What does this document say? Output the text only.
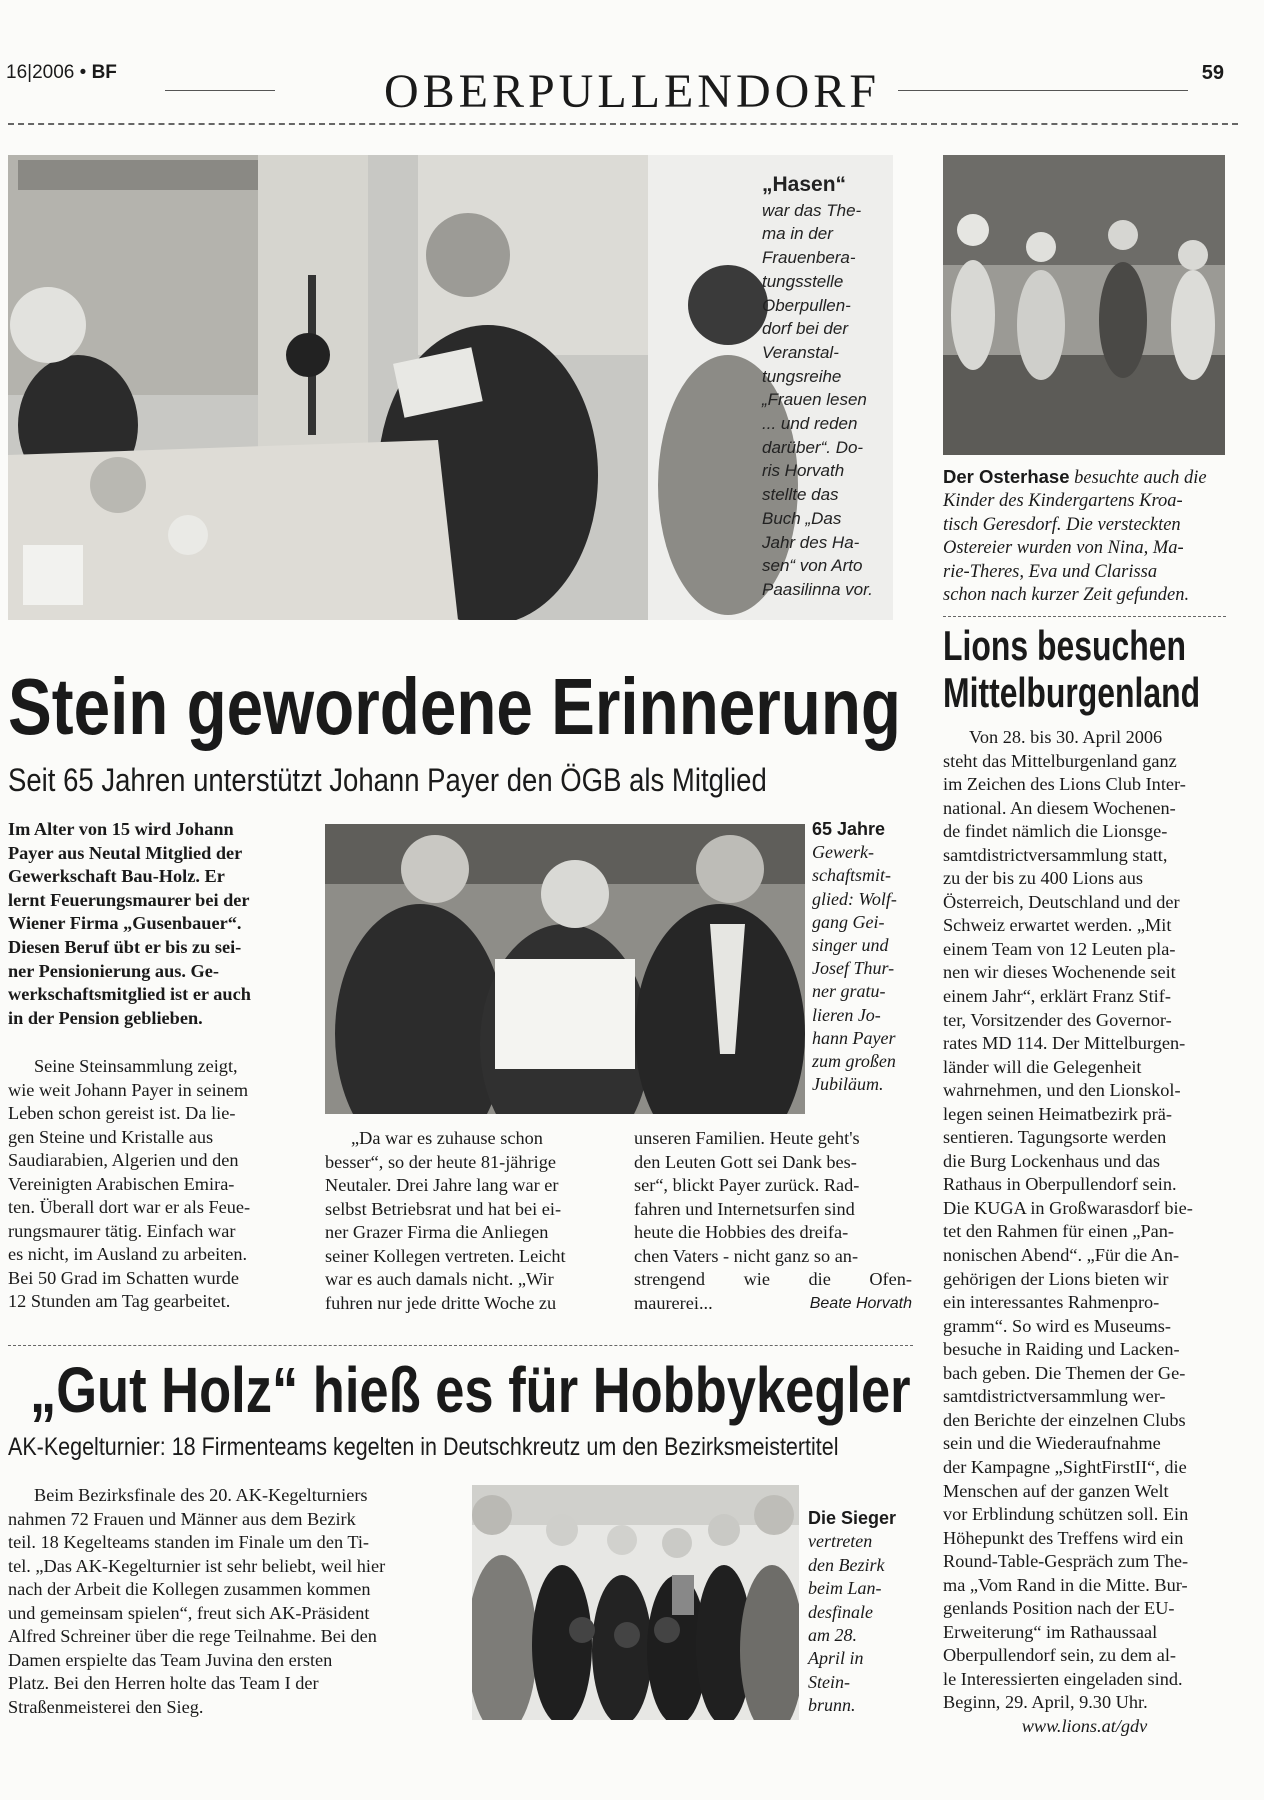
16|2006 • BF	OBERPULLENDORF	59
„Hasen“
war das The-
ma in der
Frauenbera-
tungsstelle
Oberpullen-
dorf bei der
Veranstal-
tungsreihe
„Frauen lesen
... und reden
darüber“. Do-
ris Horvath
stellte das
Buch „Das
Jahr des Ha-
sen“ von Arto
Paasilinna vor.
Der Osterhase besuchte auch die
Kinder des Kindergartens Kroa-
tisch Geresdorf. Die versteckten
Ostereier wurden von Nina, Ma-
rie-Theres, Eva und Clarissa
schon nach kurzer Zeit gefunden.
Stein gewordene Erinnerung
Seit 65 Jahren unterstützt Johann Payer den ÖGB als Mitglied
Im Alter von 15 wird Johann
Payer aus Neutal Mitglied der
Gewerkschaft Bau-Holz. Er
lernt Feuerungsmaurer bei der
Wiener Firma „Gusenbauer“.
Diesen Beruf übt er bis zu sei-
ner Pensionierung aus. Ge-
werkschaftsmitglied ist er auch
in der Pension geblieben.
Seine Steinsammlung zeigt,
wie weit Johann Payer in seinem
Leben schon gereist ist. Da lie-
gen Steine und Kristalle aus
Saudiarabien, Algerien und den
Vereinigten Arabischen Emira-
ten. Überall dort war er als Feue-
rungsmaurer tätig. Einfach war
es nicht, im Ausland zu arbeiten.
Bei 50 Grad im Schatten wurde
12 Stunden am Tag gearbeitet.
65 Jahre
Gewerk-
schaftsmit-
glied: Wolf-
gang Gei-
singer und
Josef Thur-
ner gratu-
lieren Jo-
hann Payer
zum großen
Jubiläum.
„Da war es zuhause schon
besser“, so der heute 81-jährige
Neutaler. Drei Jahre lang war er
selbst Betriebsrat und hat bei ei-
ner Grazer Firma die Anliegen
seiner Kollegen vertreten. Leicht
war es auch damals nicht. „Wir
fuhren nur jede dritte Woche zu
unseren Familien. Heute geht's
den Leuten Gott sei Dank bes-
ser“, blickt Payer zurück. Rad-
fahren und Internetsurfen sind
heute die Hobbies des dreifa-
chen Vaters - nicht ganz so an-
strengend wie die Ofen-
maurerei...	Beate Horvath
„Gut Holz“ hieß es für Hobbykegler
AK-Kegelturnier: 18 Firmenteams kegelten in Deutschkreutz um den Bezirksmeistertitel
Beim Bezirksfinale des 20. AK-Kegelturniers
nahmen 72 Frauen und Männer aus dem Bezirk
teil. 18 Kegelteams standen im Finale um den Ti-
tel. „Das AK-Kegelturnier ist sehr beliebt, weil hier
nach der Arbeit die Kollegen zusammen kommen
und gemeinsam spielen“, freut sich AK-Präsident
Alfred Schreiner über die rege Teilnahme. Bei den
Damen erspielte das Team Juvina den ersten
Platz. Bei den Herren holte das Team I der
Straßenmeisterei den Sieg.
Die Sieger
vertreten
den Bezirk
beim Lan-
desfinale
am 28.
April in
Stein-
brunn.
Lions besuchen
Mittelburgenland
Von 28. bis 30. April 2006
steht das Mittelburgenland ganz
im Zeichen des Lions Club Inter-
national. An diesem Wochenen-
de findet nämlich die Lionsge-
samtdistrictversammlung statt,
zu der bis zu 400 Lions aus
Österreich, Deutschland und der
Schweiz erwartet werden. „Mit
einem Team von 12 Leuten pla-
nen wir dieses Wochenende seit
einem Jahr“, erklärt Franz Stif-
ter, Vorsitzender des Governor-
rates MD 114. Der Mittelburgen-
länder will die Gelegenheit
wahrnehmen, und den Lionskol-
legen seinen Heimatbezirk prä-
sentieren. Tagungsorte werden
die Burg Lockenhaus und das
Rathaus in Oberpullendorf sein.
Die KUGA in Großwarasdorf bie-
tet den Rahmen für einen „Pan-
nonischen Abend“. „Für die An-
gehörigen der Lions bieten wir
ein interessantes Rahmenpro-
gramm“. So wird es Museums-
besuche in Raiding und Lacken-
bach geben. Die Themen der Ge-
samtdistrictversammlung wer-
den Berichte der einzelnen Clubs
sein und die Wiederaufnahme
der Kampagne „SightFirstII“, die
Menschen auf der ganzen Welt
vor Erblindung schützen soll. Ein
Höhepunkt des Treffens wird ein
Round-Table-Gespräch zum The-
ma „Vom Rand in die Mitte. Bur-
genlands Position nach der EU-
Erweiterung“ im Rathaussaal
Oberpullendorf sein, zu dem al-
le Interessierten eingeladen sind.
Beginn, 29. April, 9.30 Uhr.
www.lions.at/gdv
